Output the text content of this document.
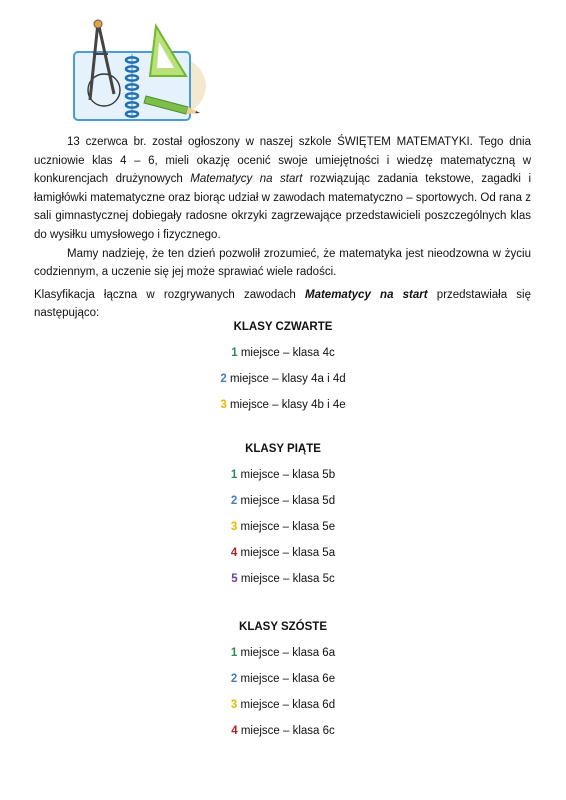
13 czerwca br. został ogłoszony w naszej szkole ŚWIĘTEM MATEMATYKI. Tego dnia uczniowie klas 4 – 6, mieli okazję ocenić swoje umiejętności i wiedzę matematyczną w konkurencjach drużynowych Matematycy na start rozwiązując zadania tekstowe, zagadki i łamigłówki matematyczne oraz biorąc udział w zawodach matematyczno – sportowych. Od rana z sali gimnastycznej dobiegały radosne okrzyki zagrzewające przedstawicieli poszczególnych klas do wysiłku umysłowego i fizycznego.

Mamy nadzieję, że ten dzień pozwolił zrozumieć, że matematyka jest nieodzowna w życiu codziennym, a uczenie się jej może sprawiać wiele radości.

Klasyfikacja łączna w rozgrywanych zawodach Matematycy na start przedstawiała się następująco:

KLASY CZWARTE
1 miejsce – klasa 4c
2 miejsce – klasy 4a i 4d
3 miejsce – klasy 4b i 4e
KLASY PIĄTE
1 miejsce – klasa 5b
2 miejsce – klasa 5d
3 miejsce – klasa 5e
4 miejsce – klasa 5a
5 miejsce – klasa 5c
KLASY SZÓSTE
1 miejsce – klasa 6a
2 miejsce – klasa 6e
3 miejsce – klasa 6d
4 miejsce – klasa 6c
